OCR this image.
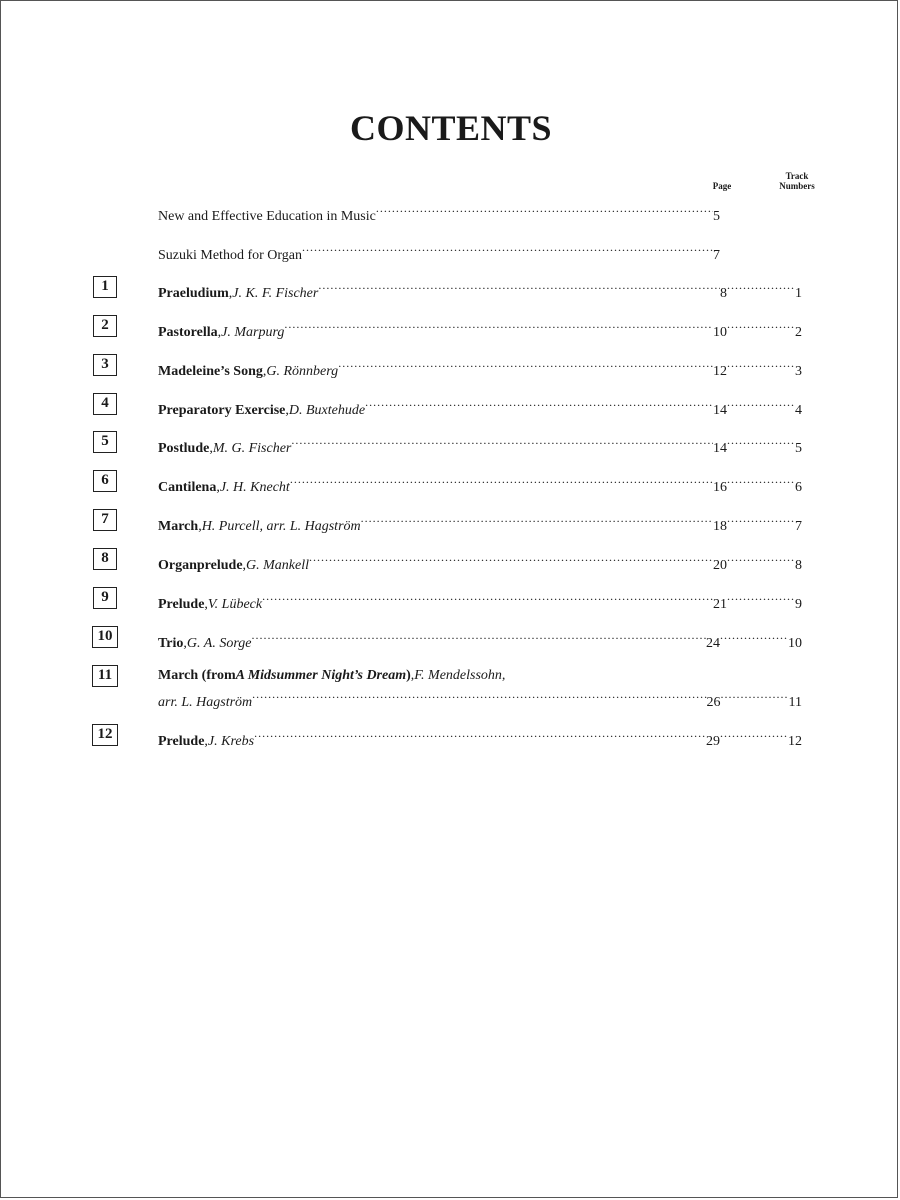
CONTENTS
Page
Track
Numbers
New and Effective Education in Music .....	5
Suzuki Method for Organ .....	7
1	Praeludium , J. K. F. Fischer .....	8 .....	1
2	Pastorella , J. Marpurg .....	10 .....	2
3	Madeleine’s Song , G. Rönnberg .....	12 .....	3
4	Preparatory Exercise , D. Buxtehude .....	14 .....	4
5	Postlude , M. G. Fischer .....	14 .....	5
6	Cantilena , J. H. Knecht .....	16 .....	6
7	March , H. Purcell, arr. L. Hagström .....	18 .....	7
8	Organprelude , G. Mankell .....	20 .....	8
9	Prelude , V. Lübeck .....	21 .....	9
10	Trio , G. A. Sorge .....	24 .....	10
11	March (from A Midsummer Night’s Dream ) , F. Mendelssohn,
arr. L. Hagström .....	26 .....	11
12	Prelude , J. Krebs .....	29 .....	12
